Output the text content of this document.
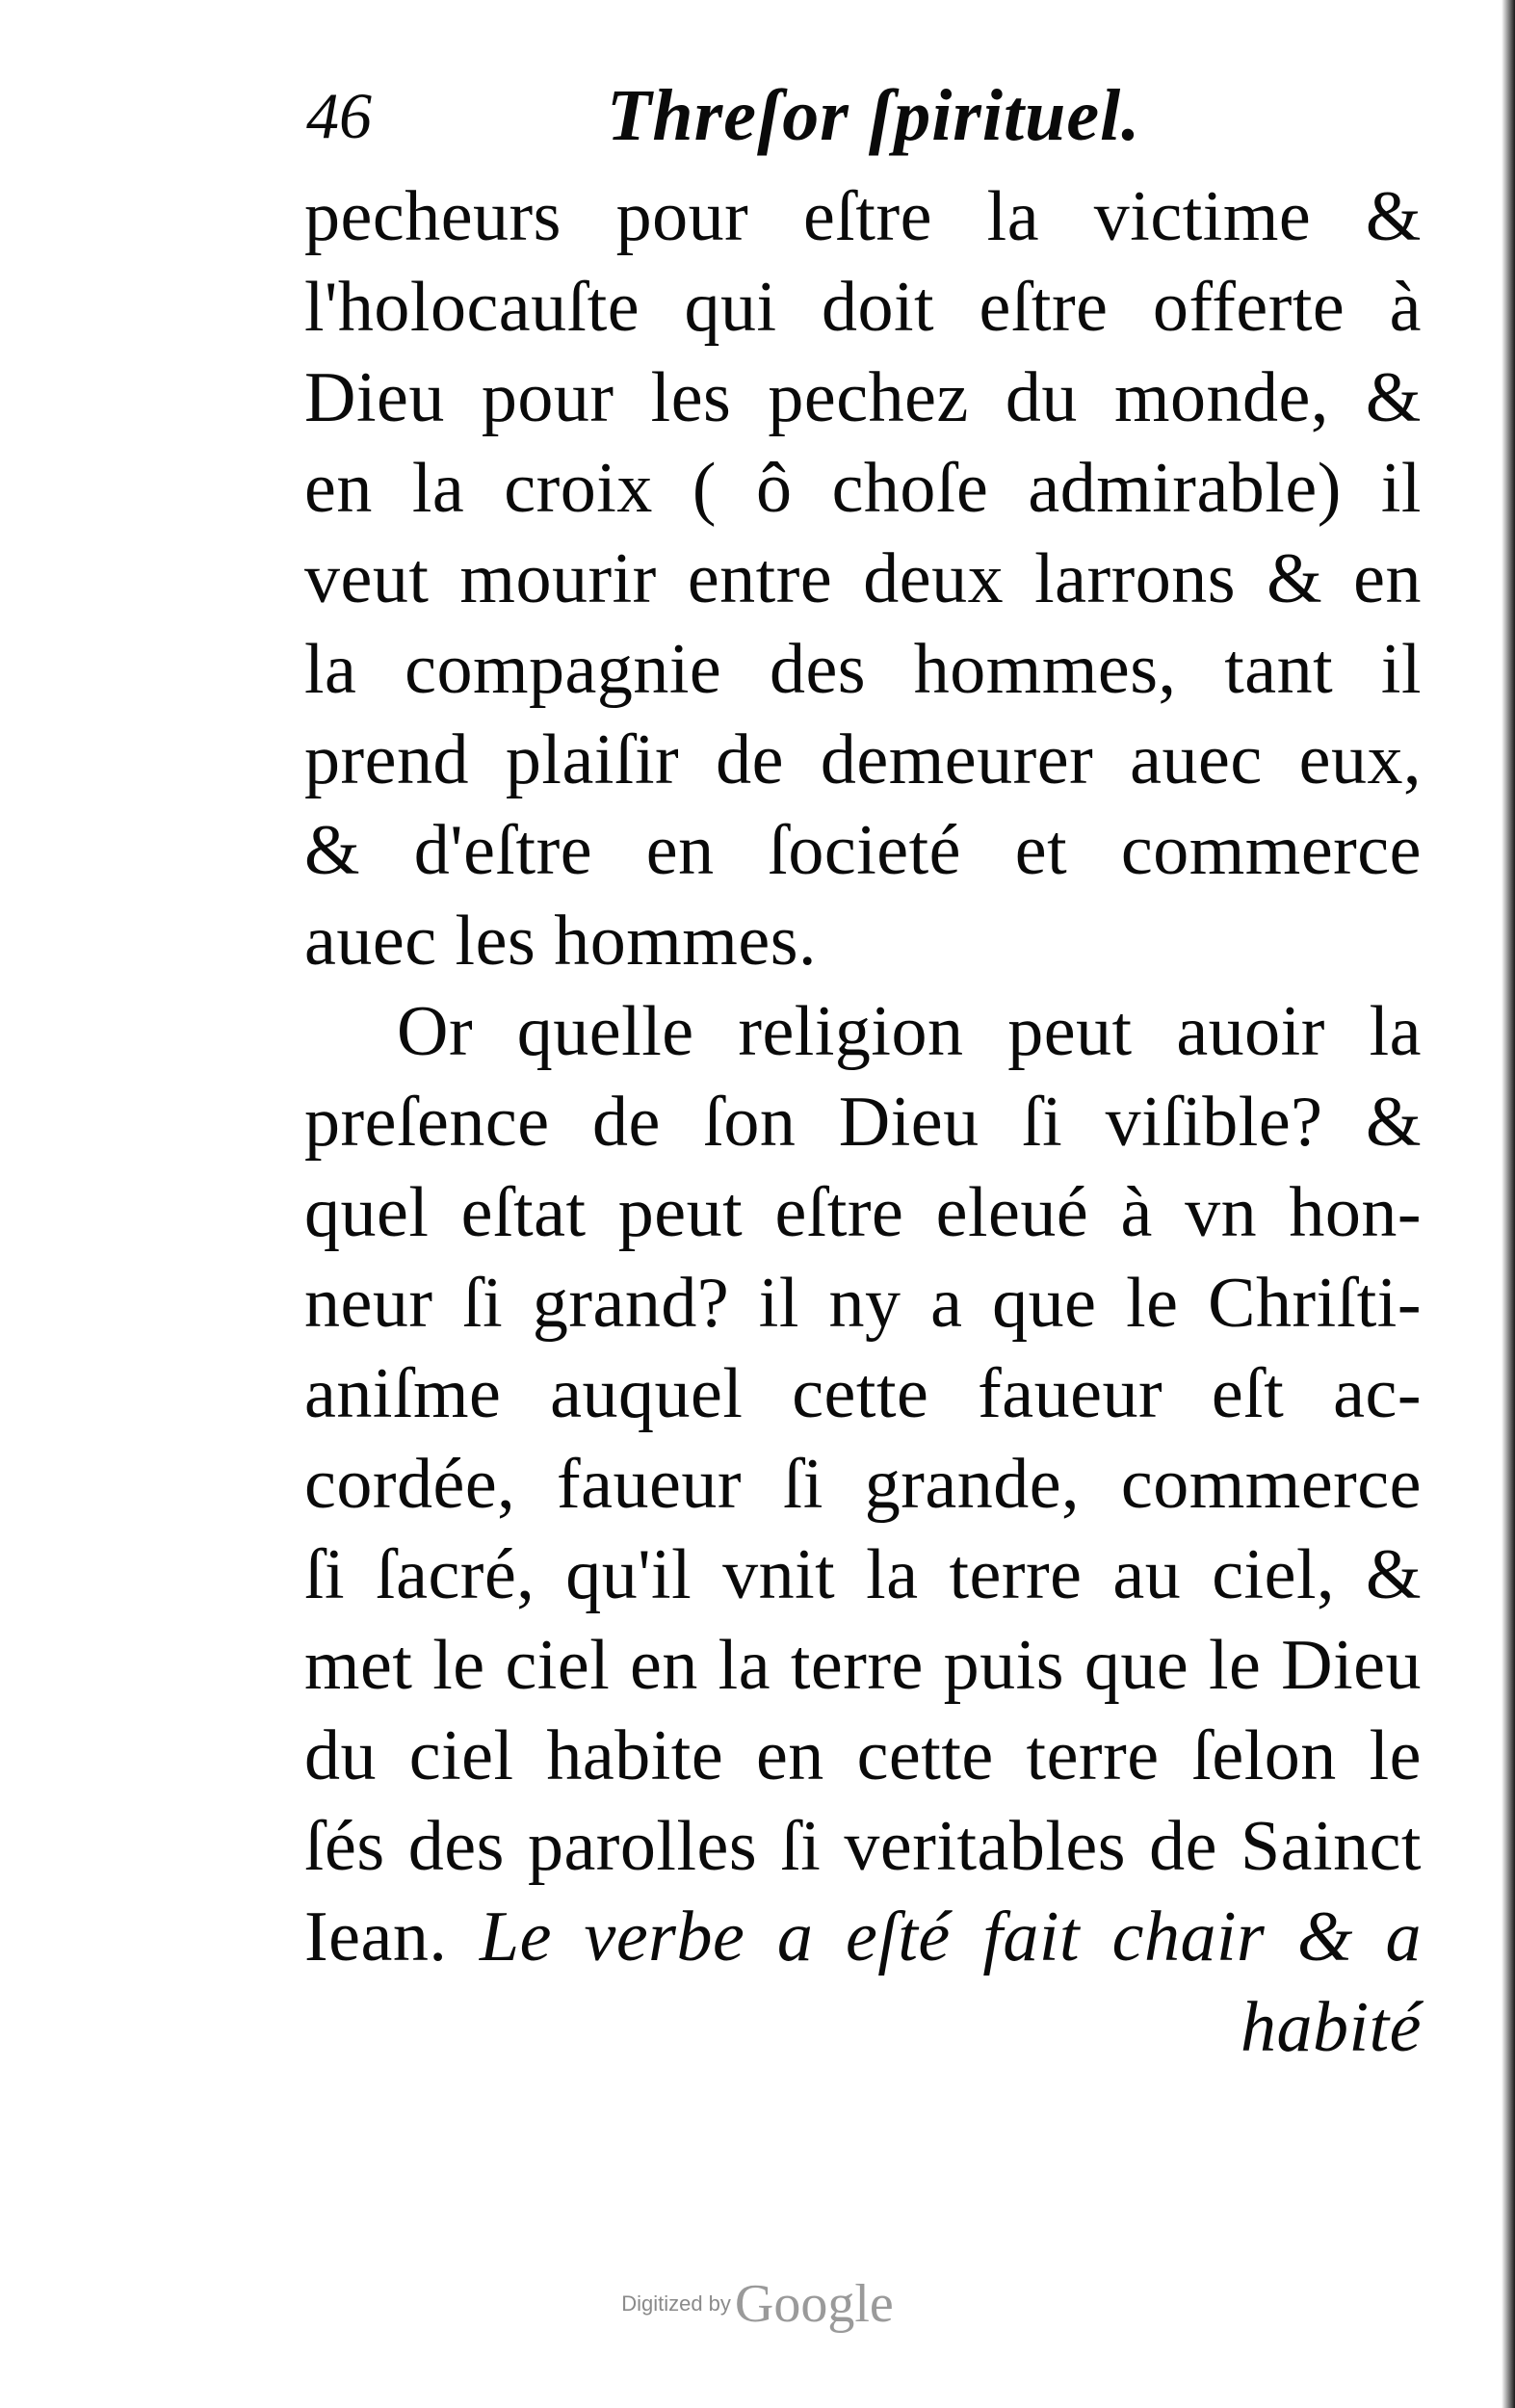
46	Threſor ſpirituel.
pecheurs pour eſtre la victime &
l'holocauſte qui doit eſtre offerte à
Dieu pour les pechez du monde, &
en la croix ( ô choſe admirable) il
veut mourir entre deux larrons & en
la compagnie des hommes, tant il
prend plaiſir de demeurer auec eux,
& d'eſtre en ſocieté et commerce
auec les hommes.
Or quelle religion peut auoir la
preſence de ſon Dieu ſi viſible? &
quel eſtat peut eſtre eleué à vn hon-
neur ſi grand? il ny a que le Chriſti-
aniſme auquel cette faueur eſt ac-
cordée, faueur ſi grande, commerce
ſi ſacré, qu'il vnit la terre au ciel, &
met le ciel en la terre puis que le Dieu
du ciel habite en cette terre ſelon le
ſés des parolles ſi veritables de Sainct
Iean. Le verbe a eſté fait chair & a
habité
Digitized by Google
